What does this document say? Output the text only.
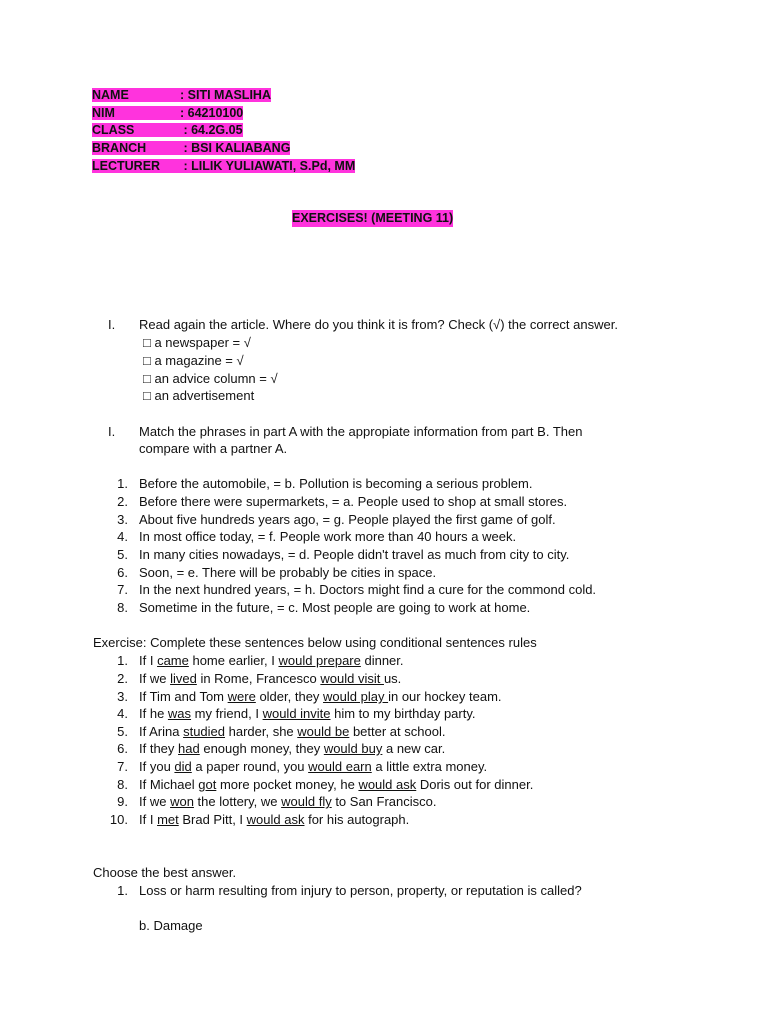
NAME	: SITI MASLIHA
NIM	: 64210100
CLASS	: 64.2G.05
BRANCH	: BSI KALIABANG
LECTURER : LILIK YULIAWATI, S.Pd, MM
EXERCISES! (MEETING 11)
I. Read again the article. Where do you think it is from? Check (√) the correct answer.
□ a newspaper = √
□ a magazine = √
□ an advice column = √
□ an advertisement
I. Match the phrases in part A with the appropiate information from part B. Then
compare with a partner A.
1. Before the automobile, = b. Pollution is becoming a serious problem.
2. Before there were supermarkets, = a. People used to shop at small stores.
3. About five hundreds years ago, = g. People played the first game of golf.
4. In most office today, = f. People work more than 40 hours a week.
5. In many cities nowadays, = d. People didn't travel as much from city to city.
6. Soon, = e. There will be probably be cities in space.
7. In the next hundred years, = h. Doctors might find a cure for the commond cold.
8. Sometime in the future, = c. Most people are going to work at home.
Exercise: Complete these sentences below using conditional sentences rules
1. If I came home earlier, I would prepare dinner.
2. If we lived in Rome, Francesco would visit us.
3. If Tim and Tom were older, they would play in our hockey team.
4. If he was my friend, I would invite him to my birthday party.
5. If Arina studied harder, she would be better at school.
6. If they had enough money, they would buy a new car.
7. If you did a paper round, you would earn a little extra money.
8. If Michael got more pocket money, he would ask Doris out for dinner.
9. If we won the lottery, we would fly to San Francisco.
10. If I met Brad Pitt, I would ask for his autograph.
Choose the best answer.
1. Loss or harm resulting from injury to person, property, or reputation is called?
b. Damage
